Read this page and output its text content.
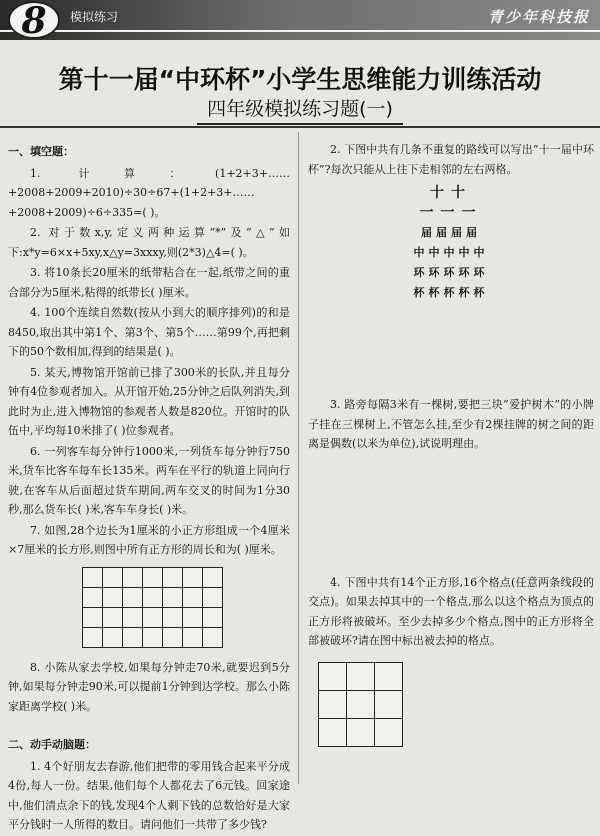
8	模拟练习	青少年科技报
第十一届“中环杯”小学生思维能力训练活动
四年级模拟练习题(一)
一、填空题：

1. 计算：(1+2+3+……+2008+2009+2010)÷30÷67+(1+2+3+……+2008+2009)÷6÷335=( )。

2. 对于数x,y,定义两种运算“*”及“△”如下:x*y=6×x+5xy,x△y=3xxxy,则(2*3)△4=( )。

3. 将10条长20厘米的纸带粘合在一起,纸带之间的重合部分为5厘米,粘得的纸带长( )厘米。

4. 100个连续自然数(按从小到大的顺序排列)的和是8450,取出其中第1个、第3个、第5个……第99个,再把剩下的50个数相加,得到的结果是( )。

5. 某天,博物馆开馆前已排了300米的长队,并且每分钟有4位参观者加入。从开馆开始,25分钟之后队列消失,到此时为止,进入博物馆的参观者人数是820位。开馆时的队伍中,平均每10米排了( )位参观者。

6. 一列客车每分钟行1000米,一列货车每分钟行750米,货车比客车每车长135米。两车在平行的轨道上同向行驶,在客车从后面超过货车期间,两车交叉的时间为1分30秒,那么货车长( )米,客车车身长( )米。

7. 如图,28个边长为1厘米的小正方形组成一个4厘米×7厘米的长方形,则图中所有正方形的周长和为( )厘米。

8. 小陈从家去学校,如果每分钟走70米,就要迟到5分钟,如果每分钟走90米,可以提前1分钟到达学校。那么小陈家距离学校( )米。

二、动手动脑题：

1. 4个好朋友去春游,他们把带的零用钱合起来平分成4份,每人一份。结果,他们每个人都花去了6元钱。回家途中,他们清点余下的钱,发现4个人剩下钱的总数恰好是大家平分钱时一人所得的数目。请问他们一共带了多少钱?

2. 下图中共有几条不重复的路线可以写出“十一届中环杯”?每次只能从上往下走相邻的左右两格。

十十
一一一
届届届届
中中中中中
环环环环环
杯杯杯杯杯

3. 路旁每隔3米有一棵树,要把三块“爱护树木”的小牌子挂在三棵树上,不管怎么挂,至少有2棵挂牌的树之间的距离是偶数(以米为单位),试说明理由。

4. 下图中共有14个正方形,16个格点(任意两条线段的交点)。如果去掉其中的一个格点,那么以这个格点为顶点的正方形将被破坏。至少去掉多少个格点,图中的正方形将全部被破坏?请在图中标出被去掉的格点。
